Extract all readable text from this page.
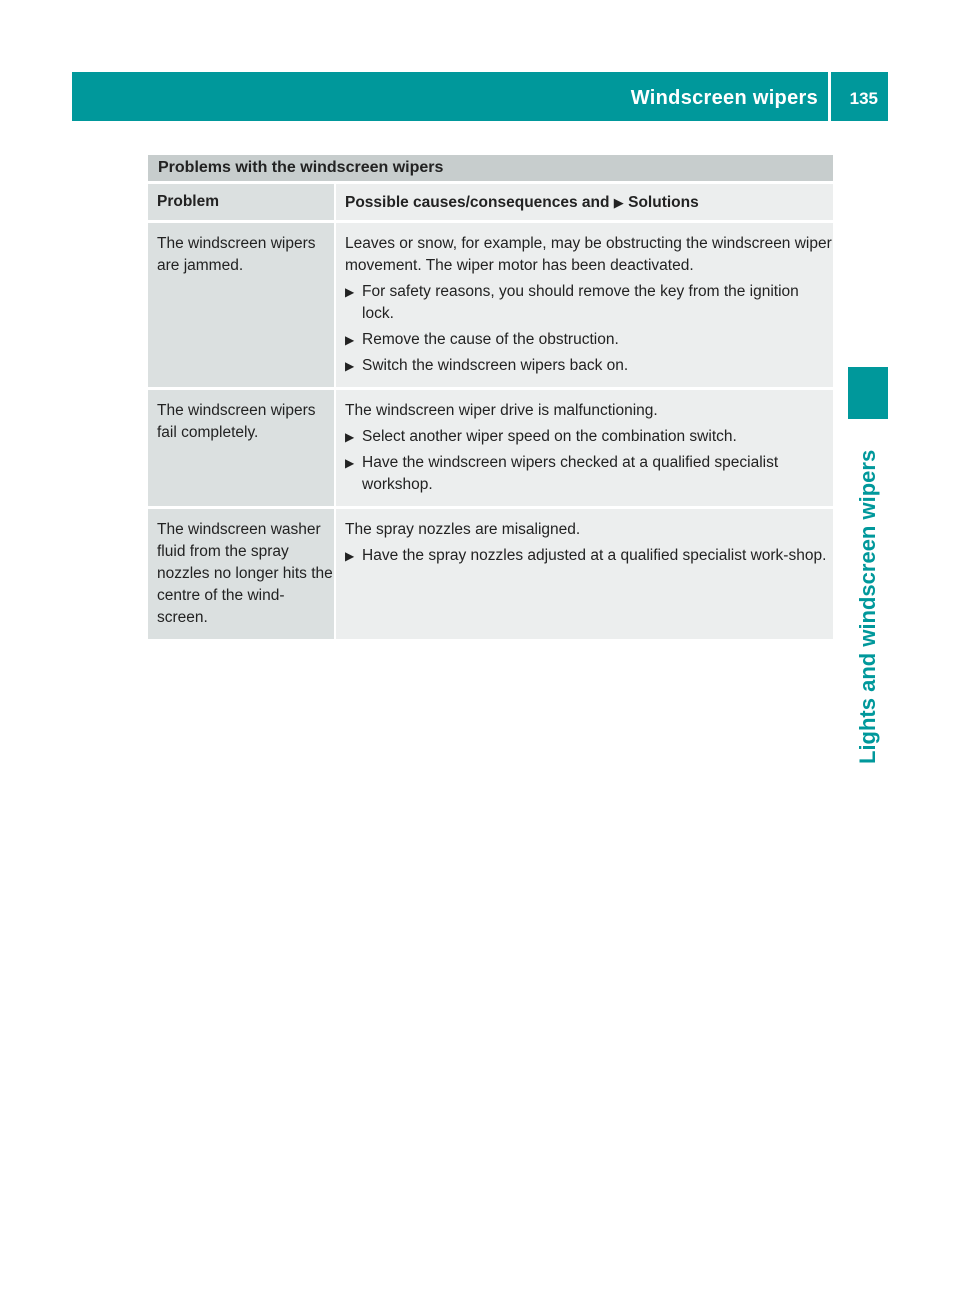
Windscreen wipers 135
Lights and windscreen wipers
Problems with the windscreen wipers
Problem	Possible causes/consequences and ▶ Solutions
The windscreen wipers are jammed.
Leaves or snow, for example, may be obstructing the windscreen wiper movement. The wiper motor has been deactivated.
▶ For safety reasons, you should remove the key from the ignition lock.
▶ Remove the cause of the obstruction.
▶ Switch the windscreen wipers back on.
The windscreen wipers fail completely.
The windscreen wiper drive is malfunctioning.
▶ Select another wiper speed on the combination switch.
▶ Have the windscreen wipers checked at a qualified specialist workshop.
The windscreen washer fluid from the spray nozzles no longer hits the centre of the wind-screen.
The spray nozzles are misaligned.
▶ Have the spray nozzles adjusted at a qualified specialist work-shop.
